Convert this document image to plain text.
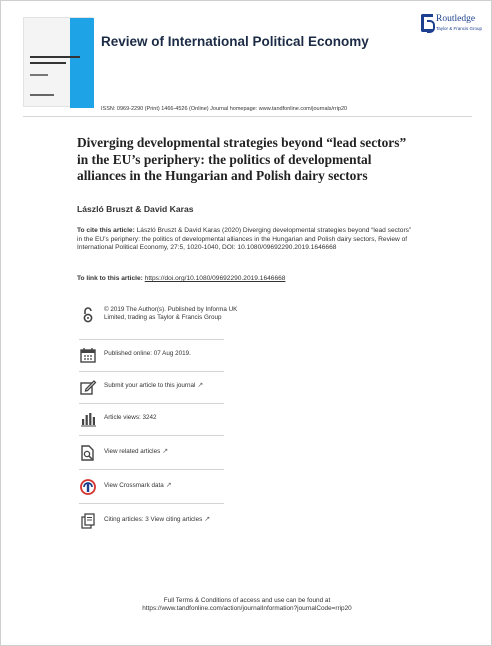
Review of International Political Economy
Routledge
Taylor & Francis Group
ISSN: 0969-2290 (Print) 1466-4526 (Online) Journal homepage: www.tandfonline.com/journals/rrip20
Diverging developmental strategies beyond “lead sectors” in the EU’s periphery: the politics of developmental alliances in the Hungarian and Polish dairy sectors
László Bruszt & David Karas
To cite this article: László Bruszt & David Karas (2020) Diverging developmental strategies beyond “lead sectors” in the EU’s periphery: the politics of developmental alliances in the Hungarian and Polish dairy sectors, Review of International Political Economy, 27:5, 1020-1040, DOI: 10.1080/09692290.2019.1646668
To link to this article: https://doi.org/10.1080/09692290.2019.1646668
© 2019 The Author(s). Published by Informa UK Limited, trading as Taylor & Francis Group
Published online: 07 Aug 2019.
Submit your article to this journal ↗
Article views: 3242
View related articles ↗
View Crossmark data ↗
Citing articles: 3 View citing articles ↗
Full Terms & Conditions of access and use can be found at
https://www.tandfonline.com/action/journalInformation?journalCode=rrip20
